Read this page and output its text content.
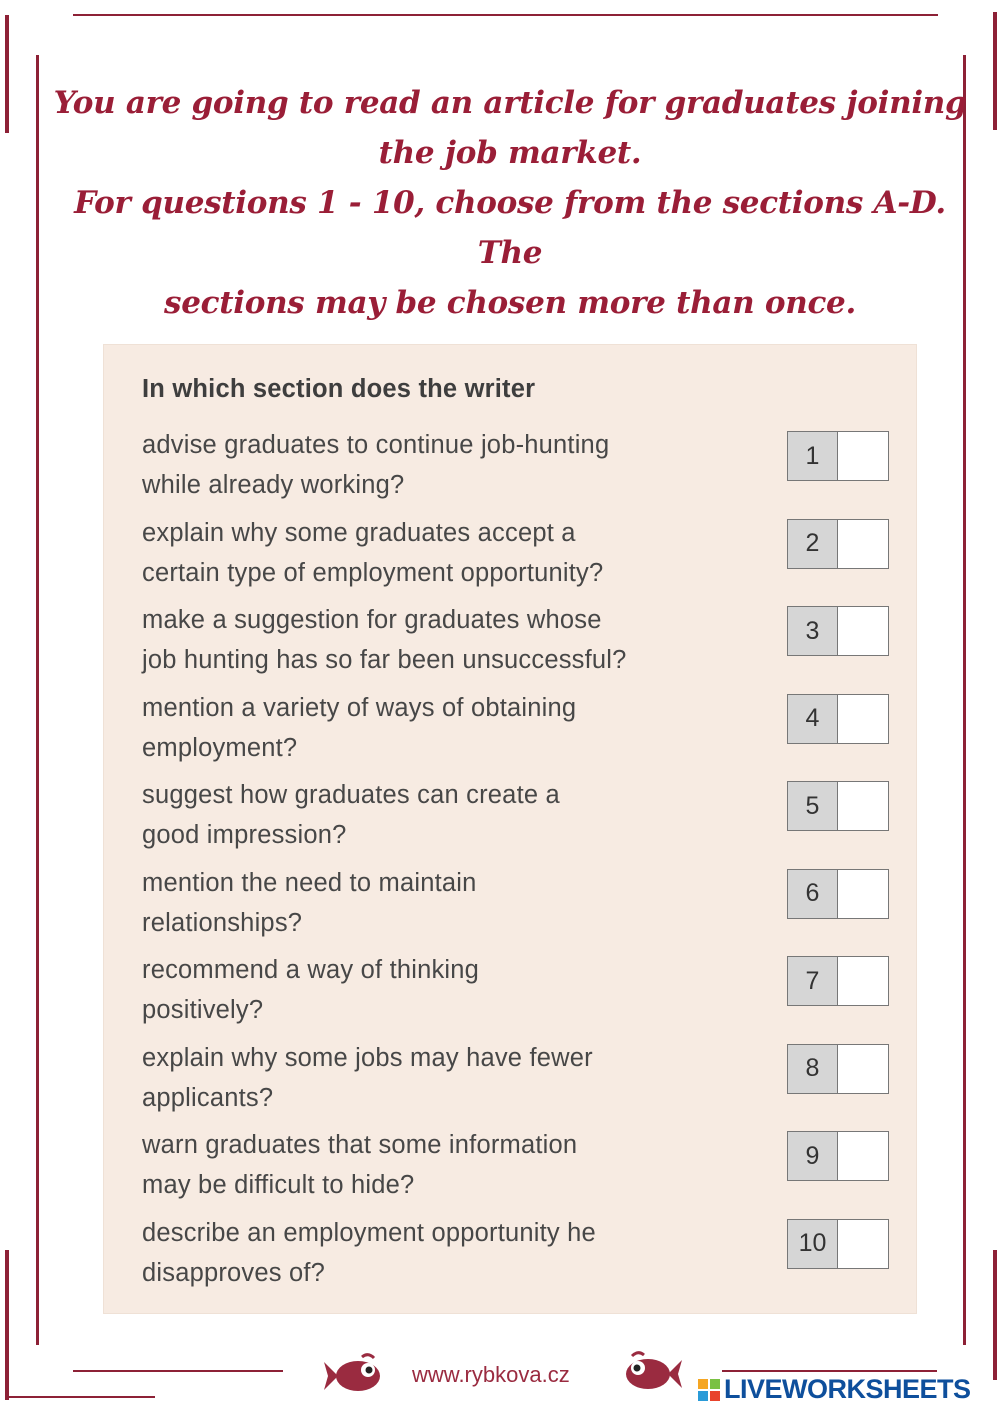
You are going to read an article for graduates joining
the job market.
For questions 1 - 10, choose from the sections A-D. The
sections may be chosen more than once.
In which section does the writer
advise graduates to continue job-hunting
while already working?
1
explain why some graduates accept a
certain type of employment opportunity?
2
make a suggestion for graduates whose
job hunting has so far been unsuccessful?
3
mention a variety of ways of obtaining
employment?
4
suggest how graduates can create a
good impression?
5
mention the need to maintain
relationships?
6
recommend a way of thinking
positively?
7
explain why some jobs may have fewer
applicants?
8
warn graduates that some information
may be difficult to hide?
9
describe an employment opportunity he
disapproves of?
10
www.rybkova.cz	LIVEWORKSHEETS
